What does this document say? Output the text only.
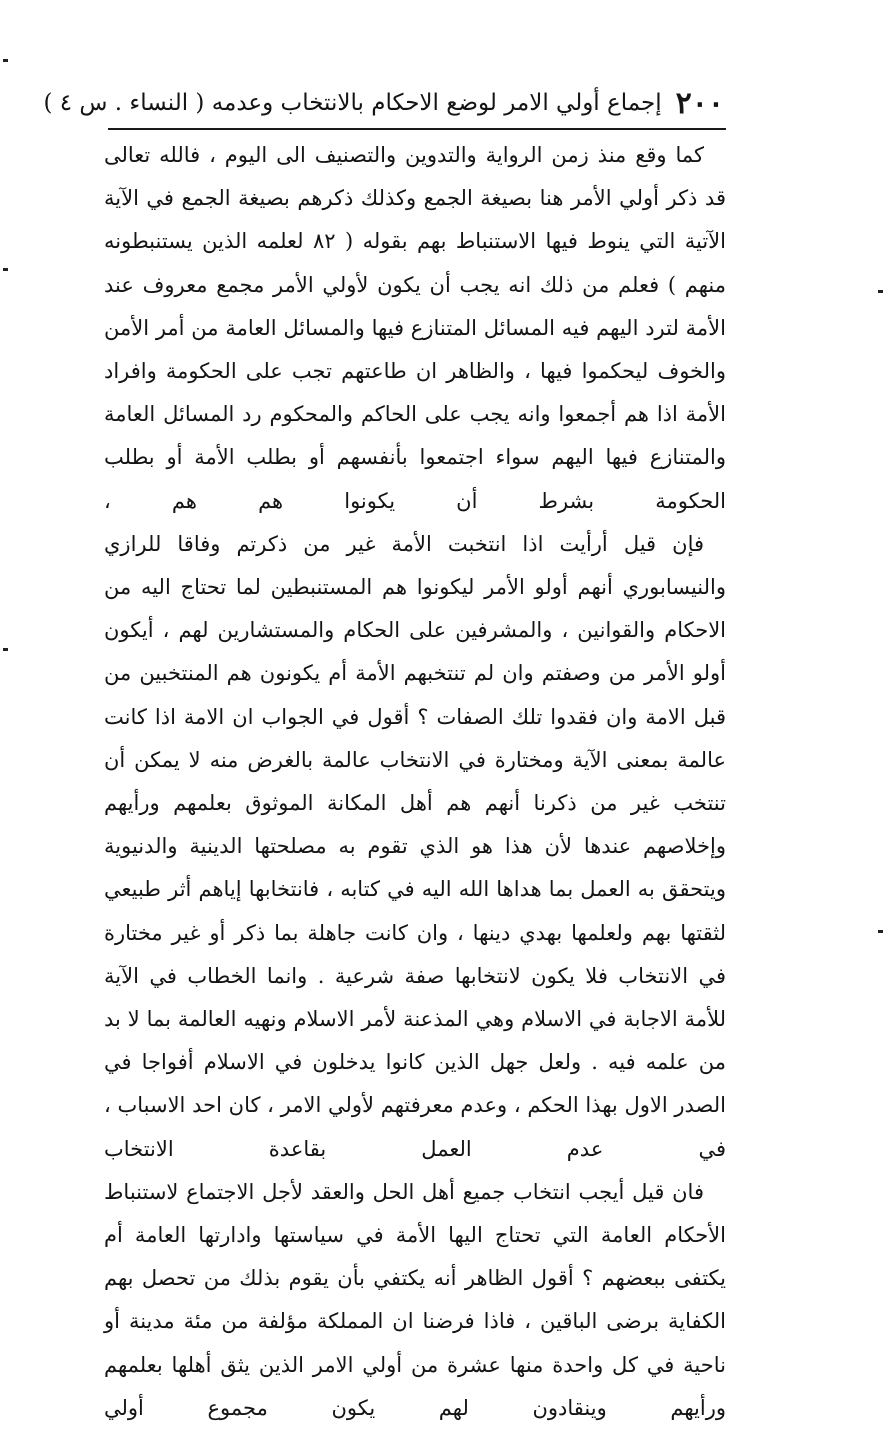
٢٠٠
إجماع أولي الامر لوضع الاحكام بالانتخاب وعدمه ( النساء . س ٤ )

كما وقع منذ زمن الرواية والتدوين والتصنيف الى اليوم ، فالله تعالى قد ذكر أولي الأمر هنا بصيغة الجمع وكذلك ذكرهم بصيغة الجمع في الآية الآتية التي ينوط فيها الاستنباط بهم بقوله ( ٨٢ لعلمه الذين يستنبطونه منهم ) فعلم من ذلك انه يجب أن يكون لأولي الأمر مجمع معروف عند الأمة لترد اليهم فيه المسائل المتنازع فيها والمسائل العامة من أمر الأمن والخوف ليحكموا فيها ، والظاهر ان طاعتهم تجب على الحكومة وافراد الأمة اذا هم أجمعوا وانه يجب على الحاكم والمحكوم رد المسائل العامة والمتنازع فيها اليهم سواء اجتمعوا بأنفسهم أو بطلب الأمة أو بطلب الحكومة بشرط أن يكونوا هم هم ،

فإن قيل أرأيت اذا انتخبت الأمة غير من ذكرتم وفاقا للرازي والنيسابوري أنهم أولو الأمر ليكونوا هم المستنبطين لما تحتاج اليه من الاحكام والقوانين ، والمشرفين على الحكام والمستشارين لهم ، أيكون أولو الأمر من وصفتم وان لم تنتخبهم الأمة أم يكونون هم المنتخبين من قبل الامة وان فقدوا تلك الصفات ؟ أقول في الجواب ان الامة اذا كانت عالمة بمعنى الآية ومختارة في الانتخاب عالمة بالغرض منه لا يمكن أن تنتخب غير من ذكرنا أنهم هم أهل المكانة الموثوق بعلمهم ورأيهم وإخلاصهم عندها لأن هذا هو الذي تقوم به مصلحتها الدينية والدنيوية ويتحقق به العمل بما هداها الله اليه في كتابه ، فانتخابها إياهم أثر طبيعي لثقتها بهم ولعلمها بهدي دينها ، وان كانت جاهلة بما ذكر أو غير مختارة في الانتخاب فلا يكون لانتخابها صفة شرعية . وانما الخطاب في الآية للأمة الاجابة في الاسلام وهي المذعنة لأمر الاسلام ونهيه العالمة بما لا بد من علمه فيه . ولعل جهل الذين كانوا يدخلون في الاسلام أفواجا في الصدر الاول بهذا الحكم ، وعدم معرفتهم لأولي الامر ، كان احد الاسباب ، في عدم العمل بقاعدة الانتخاب

فان قيل أيجب انتخاب جميع أهل الحل والعقد لأجل الاجتماع لاستنباط الأحكام العامة التي تحتاج اليها الأمة في سياستها وادارتها العامة أم يكتفى ببعضهم ؟ أقول الظاهر أنه يكتفي بأن يقوم بذلك من تحصل بهم الكفاية برضى الباقين ، فاذا فرضنا ان المملكة مؤلفة من مئة مدينة أو ناحية في كل واحدة منها عشرة من أولي الامر الذين يثق أهلها بعلمهم ورأيهم وينقادون لهم يكون مجموع أولي
